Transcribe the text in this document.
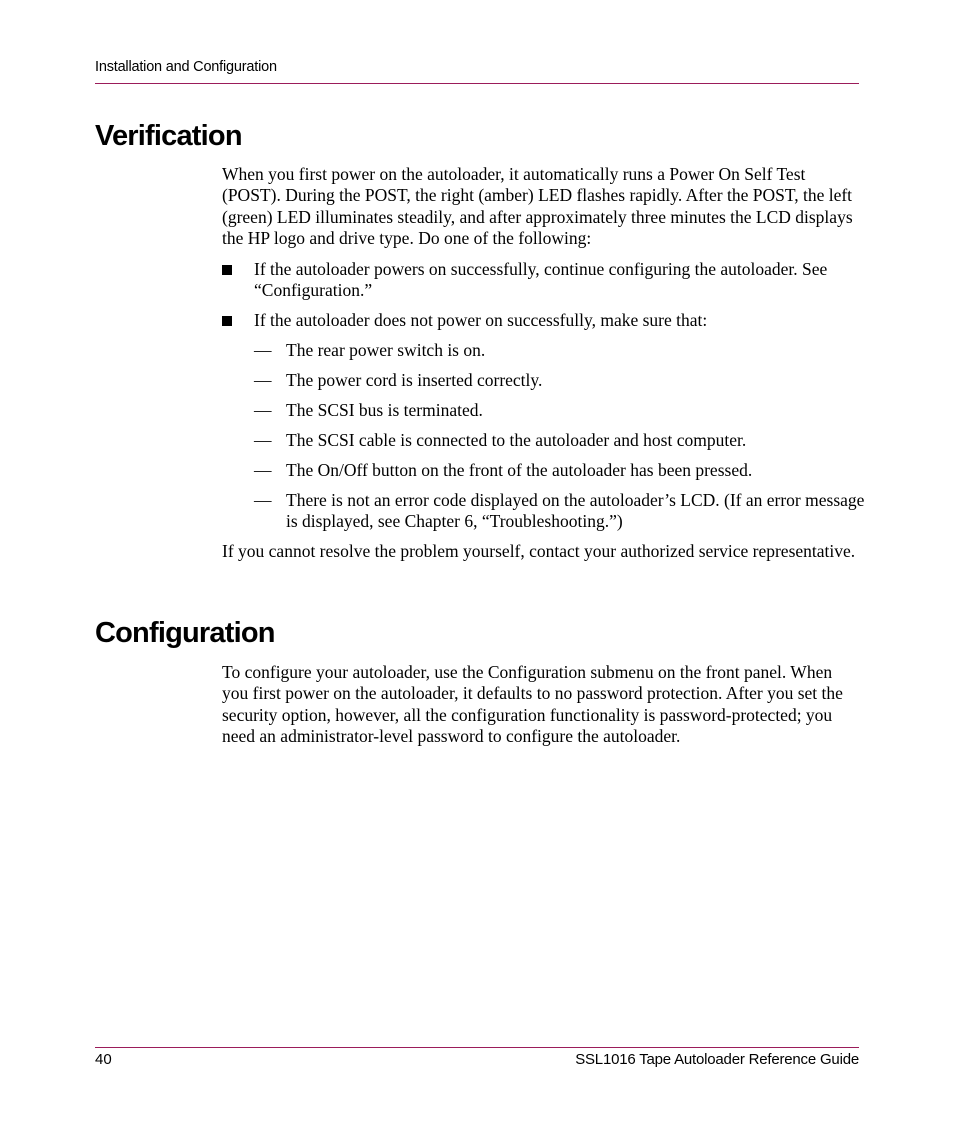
Installation and Configuration
Verification

When you first power on the autoloader, it automatically runs a Power On Self Test (POST). During the POST, the right (amber) LED flashes rapidly. After the POST, the left (green) LED illuminates steadily, and after approximately three minutes the LCD displays the HP logo and drive type. Do one of the following:

If the autoloader powers on successfully, continue configuring the autoloader. See “Configuration.”
If the autoloader does not power on successfully, make sure that:
— The rear power switch is on.
— The power cord is inserted correctly.
— The SCSI bus is terminated.
— The SCSI cable is connected to the autoloader and host computer.
— The On/Off button on the front of the autoloader has been pressed.
— There is not an error code displayed on the autoloader’s LCD. (If an error message is displayed, see Chapter 6, “Troubleshooting.”)

If you cannot resolve the problem yourself, contact your authorized service representative.

Configuration

To configure your autoloader, use the Configuration submenu on the front panel. When you first power on the autoloader, it defaults to no password protection. After you set the security option, however, all the configuration functionality is password-protected; you need an administrator-level password to configure the autoloader.

40	SSL1016 Tape Autoloader Reference Guide
